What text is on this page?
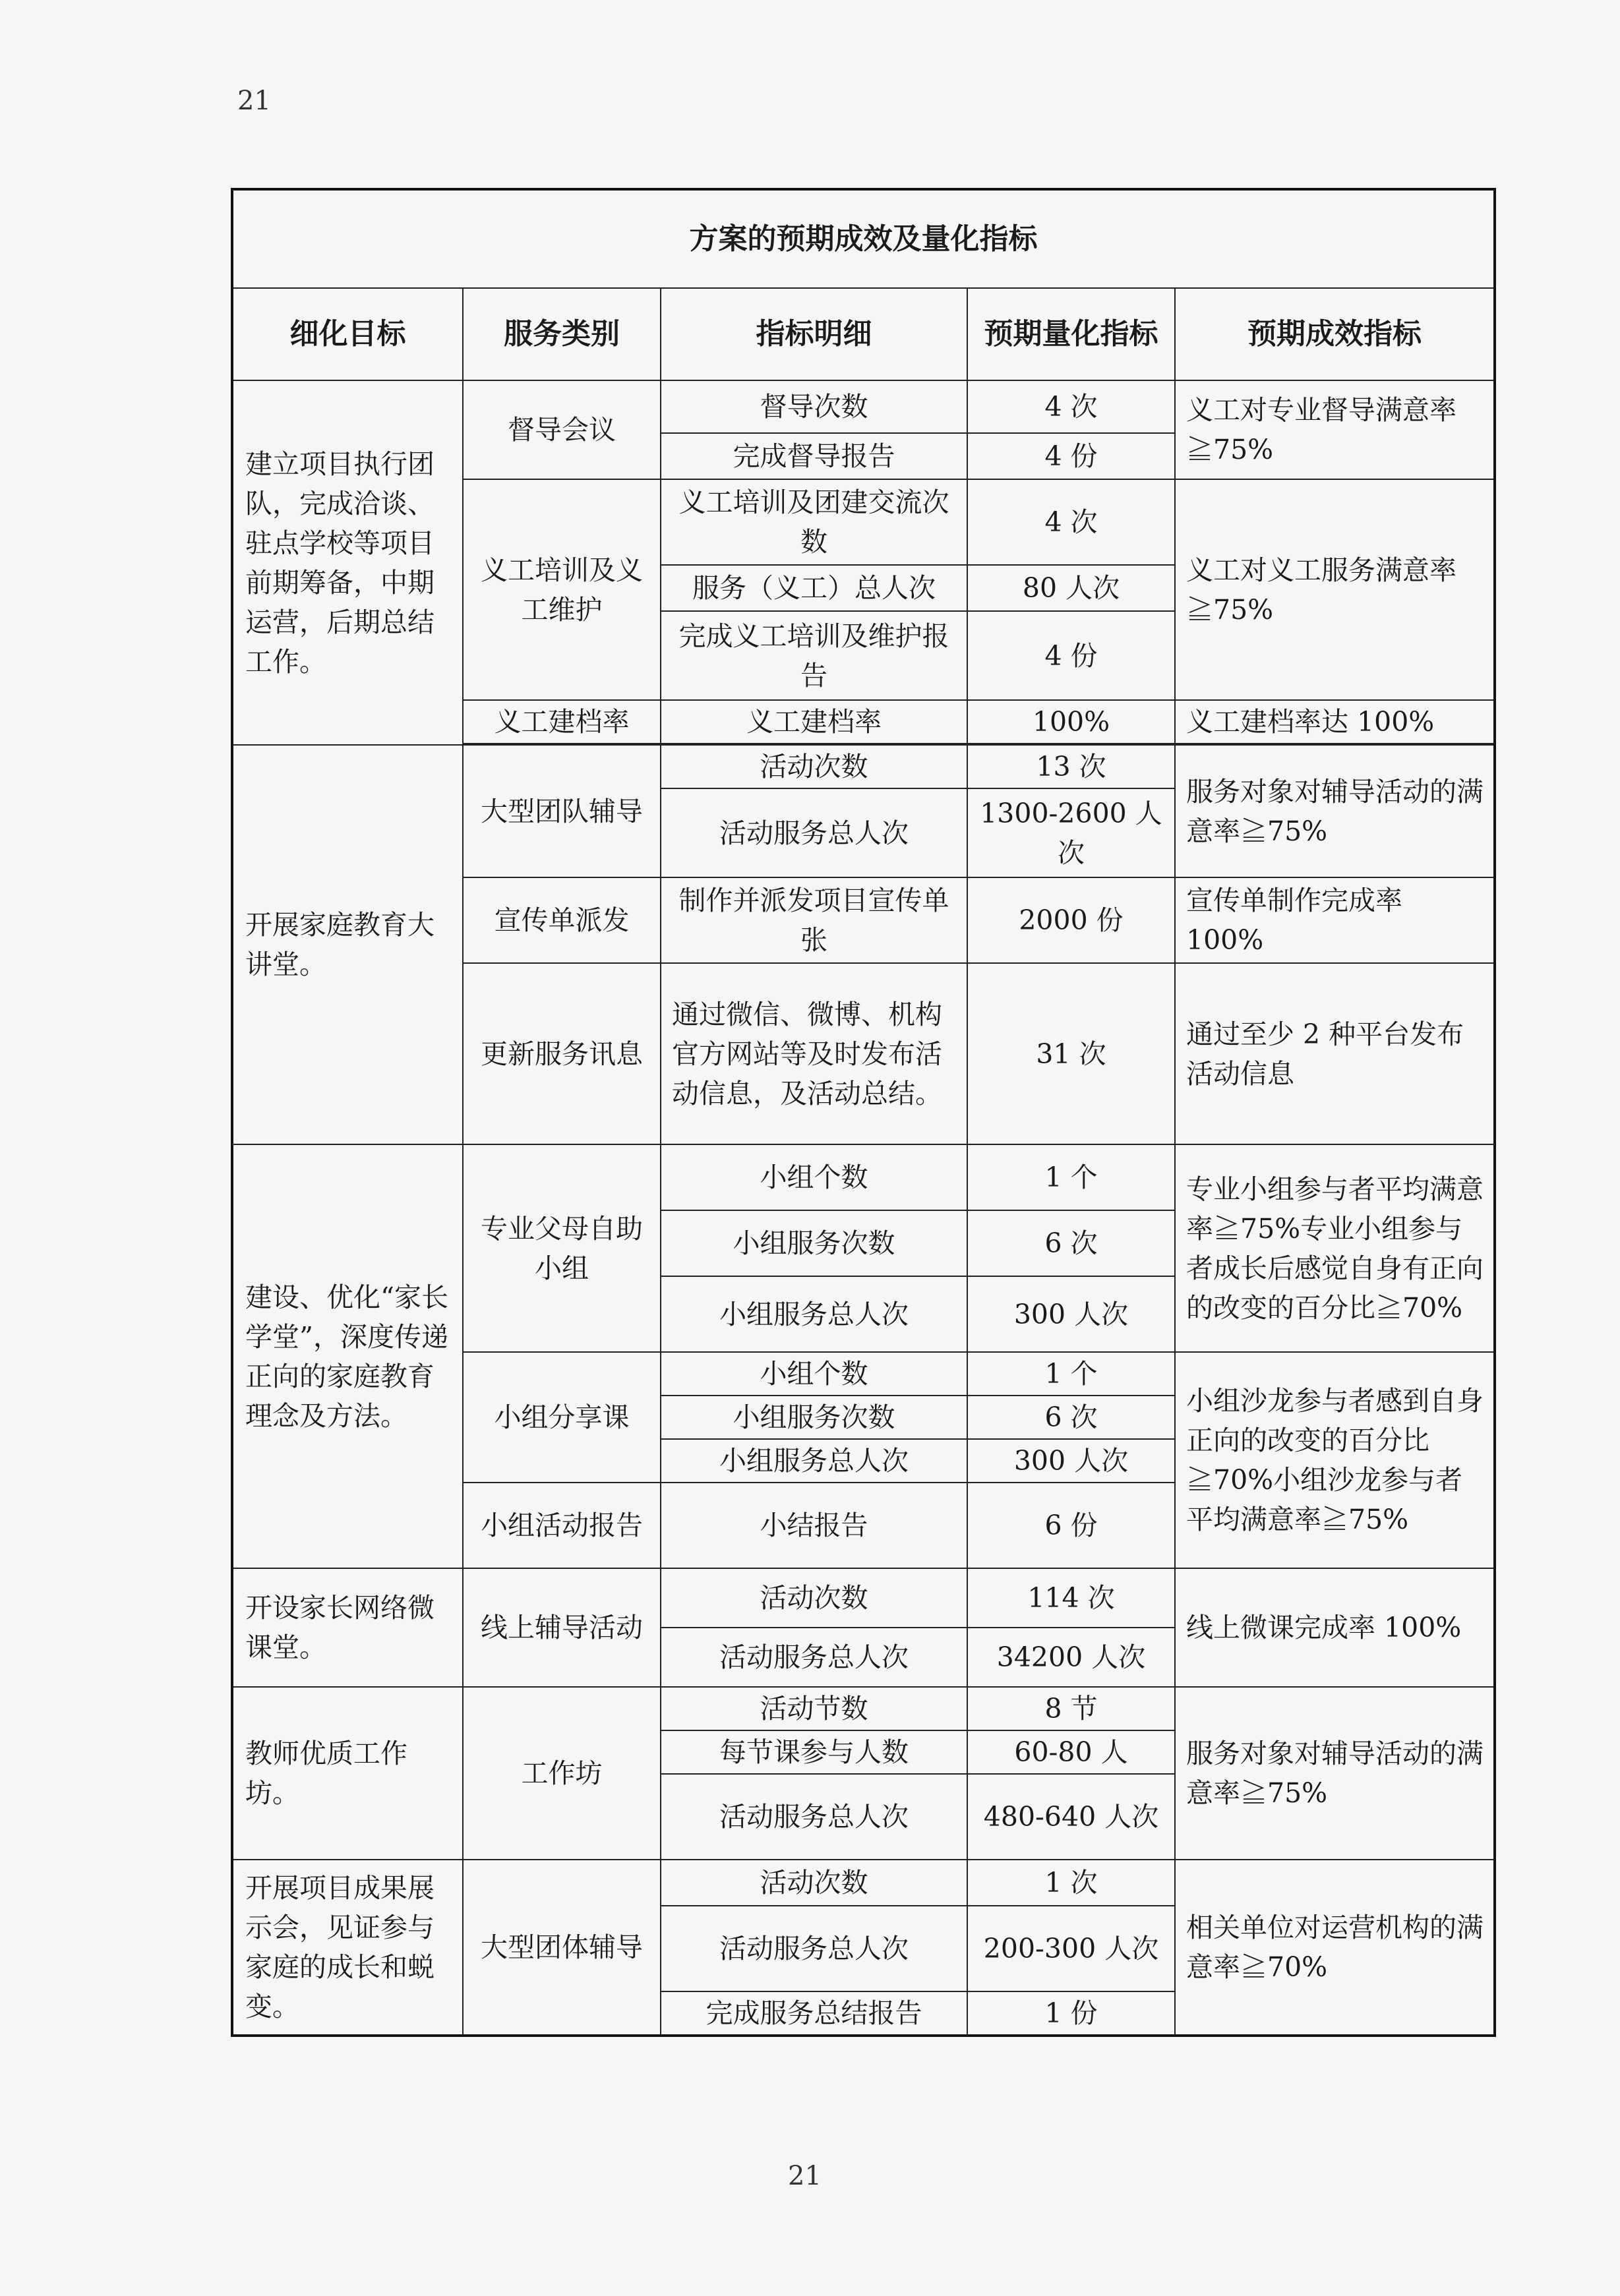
21
方案的预期成效及量化指标				
细化目标	服务类别	指标明细	预期量化指标	预期成效指标
建立项目执行团队，完成洽谈、驻点学校等项目前期筹备，中期运营，后期总结工作。	督导会议	督导次数	4 次	义工对专业督导满意率≧75%
		完成督导报告	4 份	
	义工培训及义工维护	义工培训及团建交流次数	4 次	义工对义工服务满意率≧75%
		服务（义工）总人次	80 人次	
		完成义工培训及维护报告	4 份	
	义工建档率	义工建档率	100%	义工建档率达 100%

开展家庭教育大讲堂。	大型团队辅导	活动次数	13 次	服务对象对辅导活动的满意率≧75%
		活动服务总人次	1300-2600 人次	
	宣传单派发	制作并派发项目宣传单张	2000 份	宣传单制作完成率 100%
	更新服务讯息	通过微信、微博、机构官方网站等及时发布活动信息，及活动总结。	31 次	通过至少 2 种平台发布活动信息
建设、优化“家长学堂”，深度传递正向的家庭教育理念及方法。	专业父母自助小组	小组个数	1 个	专业小组参与者平均满意率≧75%专业小组参与者成长后感觉自身有正向的改变的百分比≧70%
		小组服务次数	6 次	
		小组服务总人次	300 人次	
	小组分享课	小组个数	1 个	小组沙龙参与者感到自身正向的改变的百分比≧70%小组沙龙参与者平均满意率≧75%
		小组服务次数	6 次	
		小组服务总人次	300 人次	
	小组活动报告	小结报告	6 份	
开设家长网络微课堂。	线上辅导活动	活动次数	114 次	线上微课完成率 100%
		活动服务总人次	34200 人次	
教师优质工作坊。	工作坊	活动节数	8 节	服务对象对辅导活动的满意率≧75%
		每节课参与人数	60-80 人	
		活动服务总人次	480-640 人次	
开展项目成果展示会，见证参与家庭的成长和蜕变。	大型团体辅导	活动次数	1 次	相关单位对运营机构的满意率≧70%
		活动服务总人次	200-300 人次	
		完成服务总结报告	1 份	
21
